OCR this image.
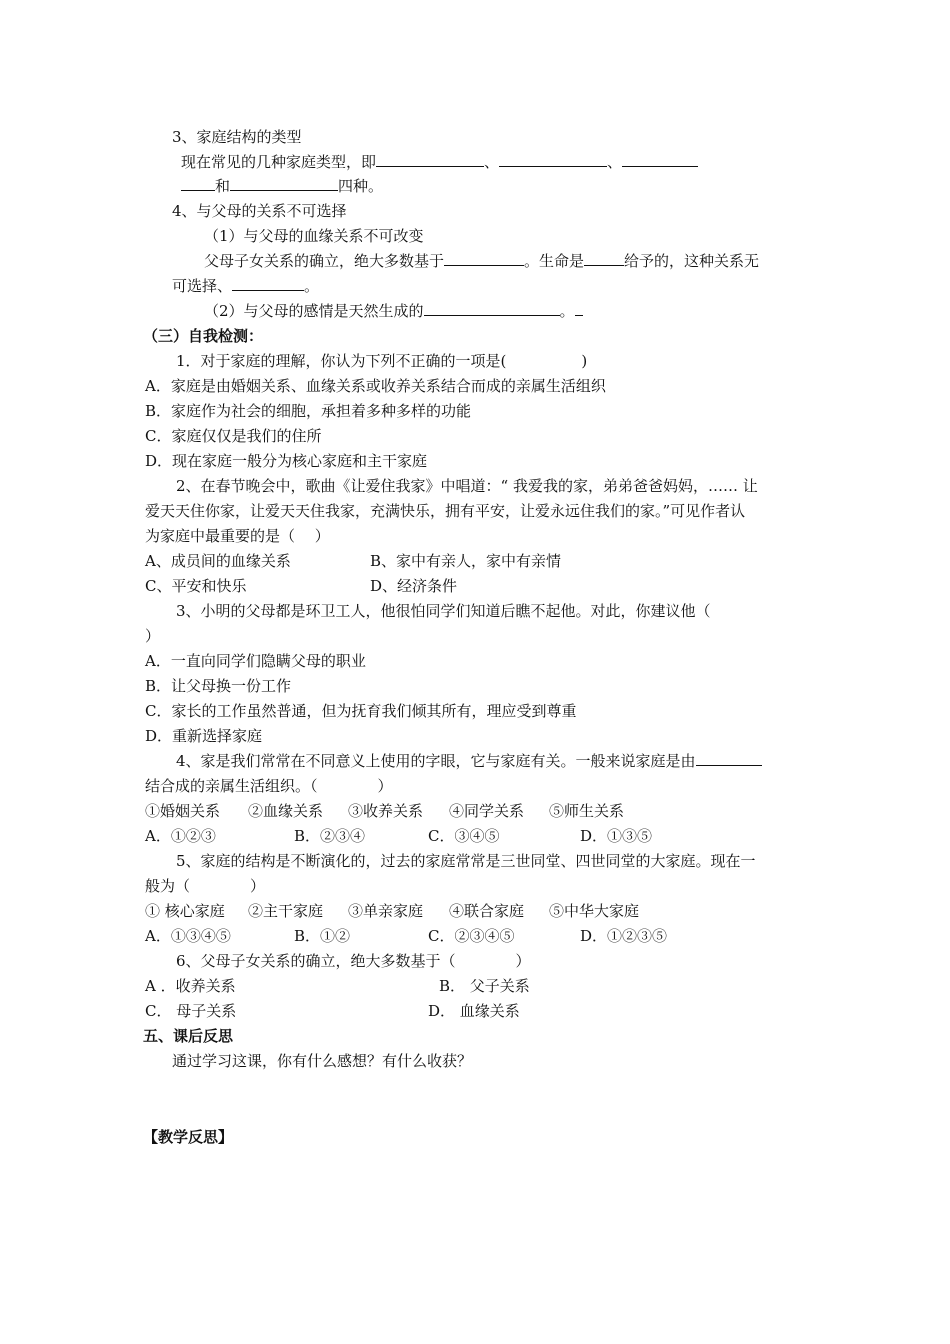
3、家庭结构的类型
现在常见的几种家庭类型，即	、	、
和	四种。
4、与父母的关系不可选择
（1）与父母的血缘关系不可改变
父母子女关系的确立，绝大多数基于	。生命是	给予的，这种关系无
可选择、	。
（2）与父母的感情是天然生成的	。
（三）自我检测：
1．对于家庭的理解，你认为下列不正确的一项是(　　　　　)
A．家庭是由婚姻关系、血缘关系或收养关系结合而成的亲属生活组织
B．家庭作为社会的细胞，承担着多种多样的功能
C．家庭仅仅是我们的住所
D．现在家庭一般分为核心家庭和主干家庭
2、在春节晚会中，歌曲《让爱住我家》中唱道：“ 我爱我的家，弟弟爸爸妈妈，…… 让
爱天天住你家，让爱天天住我家，充满快乐，拥有平安，让爱永远住我们的家。”可见作者认
为家庭中最重要的是（　 ）
A、成员间的血缘关系	B、家中有亲人，家中有亲情
C、平安和快乐	D、经济条件
3、小明的父母都是环卫工人，他很怕同学们知道后瞧不起他。对此，你建议他（
）
A．一直向同学们隐瞒父母的职业
B．让父母换一份工作
C．家长的工作虽然普通，但为抚育我们倾其所有，理应受到尊重
D．重新选择家庭
4、家是我们常常在不同意义上使用的字眼，它与家庭有关。一般来说家庭是由
结合成的亲属生活组织。（　　　　）
①婚姻关系 ②血缘关系 ③收养关系 ④同学关系 ⑤师生关系
A．①②③	B．②③④	C．③④⑤	D．①③⑤
5、家庭的结构是不断演化的，过去的家庭常常是三世同堂、四世同堂的大家庭。现在一
般为（　　　　）
① 核心家庭 ②主干家庭 ③单亲家庭 ④联合家庭 ⑤中华大家庭
A．①③④⑤	B．①②	C．②③④⑤	D．①②③⑤
6、父母子女关系的确立，绝大多数基于（　　　　）
A ．收养关系	B． 父子关系
C． 母子关系	D． 血缘关系
五、课后反思
通过学习这课，你有什么感想？有什么收获？
【教学反思】
